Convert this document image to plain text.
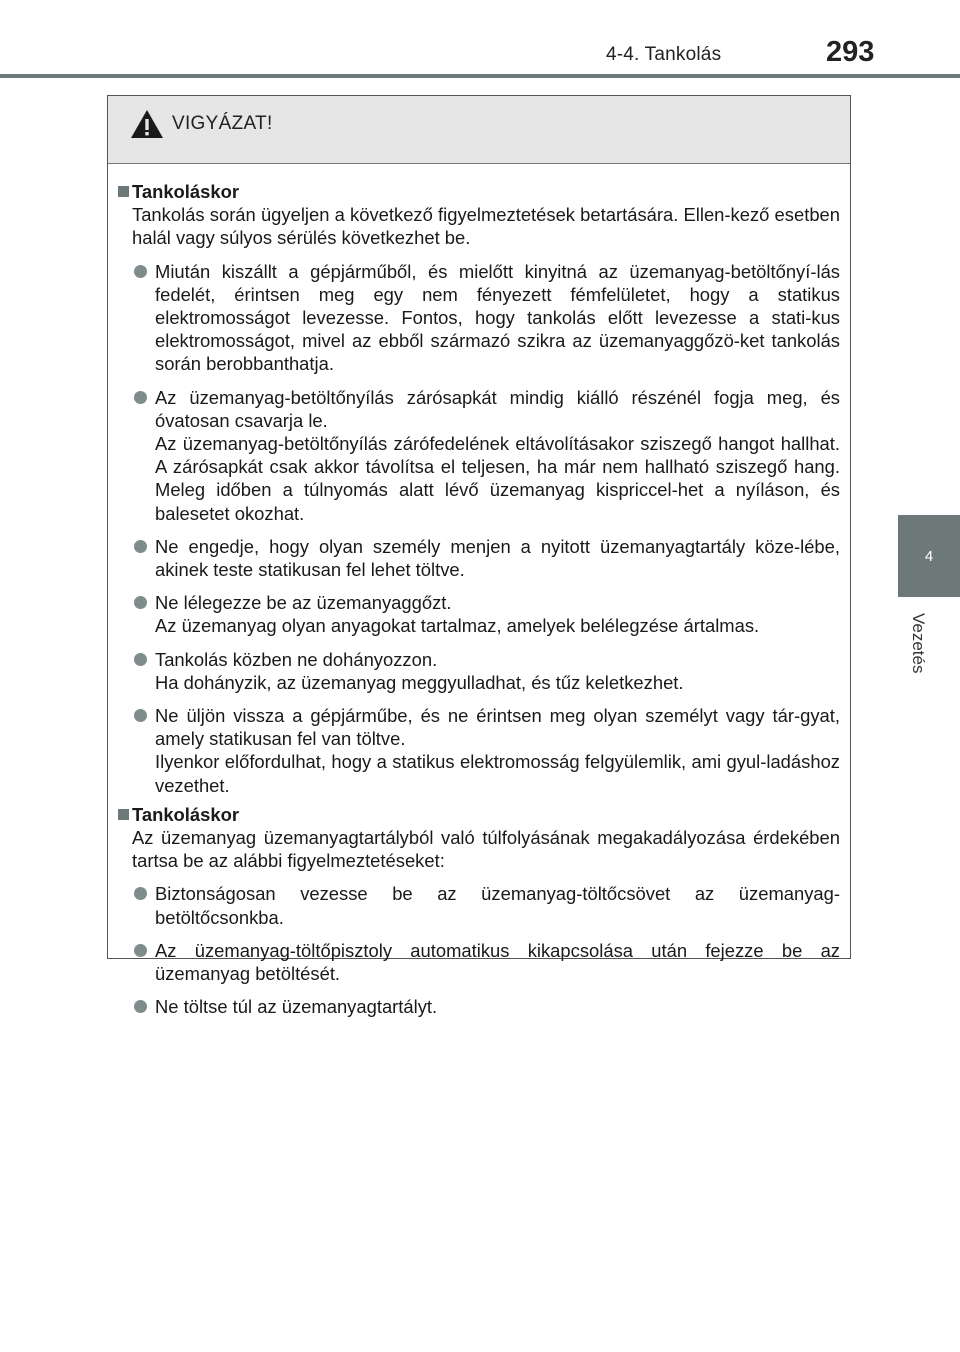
4-4. Tankolás	293
4
Vezetés
VIGYÁZAT!
Tankoláskor
Tankolás során ügyeljen a következő figyelmeztetések betartására. Ellen-kező esetben halál vagy súlyos sérülés következhet be.
Miután kiszállt a gépjárműből, és mielőtt kinyitná az üzemanyag-betöltőnyí-lás fedelét, érintsen meg egy nem fényezett fémfelületet, hogy a statikus elektromosságot levezesse. Fontos, hogy tankolás előtt levezesse a stati-kus elektromosságot, mivel az ebből származó szikra az üzemanyaggőzö-ket tankolás során berobbanthatja.
Az üzemanyag-betöltőnyílás zárósapkát mindig kiálló részénél fogja meg, és óvatosan csavarja le.
Az üzemanyag-betöltőnyílás zárófedelének eltávolításakor sziszegő hangot hallhat. A zárósapkát csak akkor távolítsa el teljesen, ha már nem hallható sziszegő hang. Meleg időben a túlnyomás alatt lévő üzemanyag kispriccel-het a nyíláson, és balesetet okozhat.
Ne engedje, hogy olyan személy menjen a nyitott üzemanyagtartály köze-lébe, akinek teste statikusan fel lehet töltve.
Ne lélegezze be az üzemanyaggőzt.
Az üzemanyag olyan anyagokat tartalmaz, amelyek belélegzése ártalmas.
Tankolás közben ne dohányozzon.
Ha dohányzik, az üzemanyag meggyulladhat, és tűz keletkezhet.
Ne üljön vissza a gépjárműbe, és ne érintsen meg olyan személyt vagy tár-gyat, amely statikusan fel van töltve.
Ilyenkor előfordulhat, hogy a statikus elektromosság felgyülemlik, ami gyul-ladáshoz vezethet.
Tankoláskor
Az üzemanyag üzemanyagtartályból való túlfolyásának megakadályozása érdekében tartsa be az alábbi figyelmeztetéseket:
Biztonságosan vezesse be az üzemanyag-töltőcsövet az üzemanyag-betöltőcsonkba.
Az üzemanyag-töltőpisztoly automatikus kikapcsolása után fejezze be az üzemanyag betöltését.
Ne töltse túl az üzemanyagtartályt.
